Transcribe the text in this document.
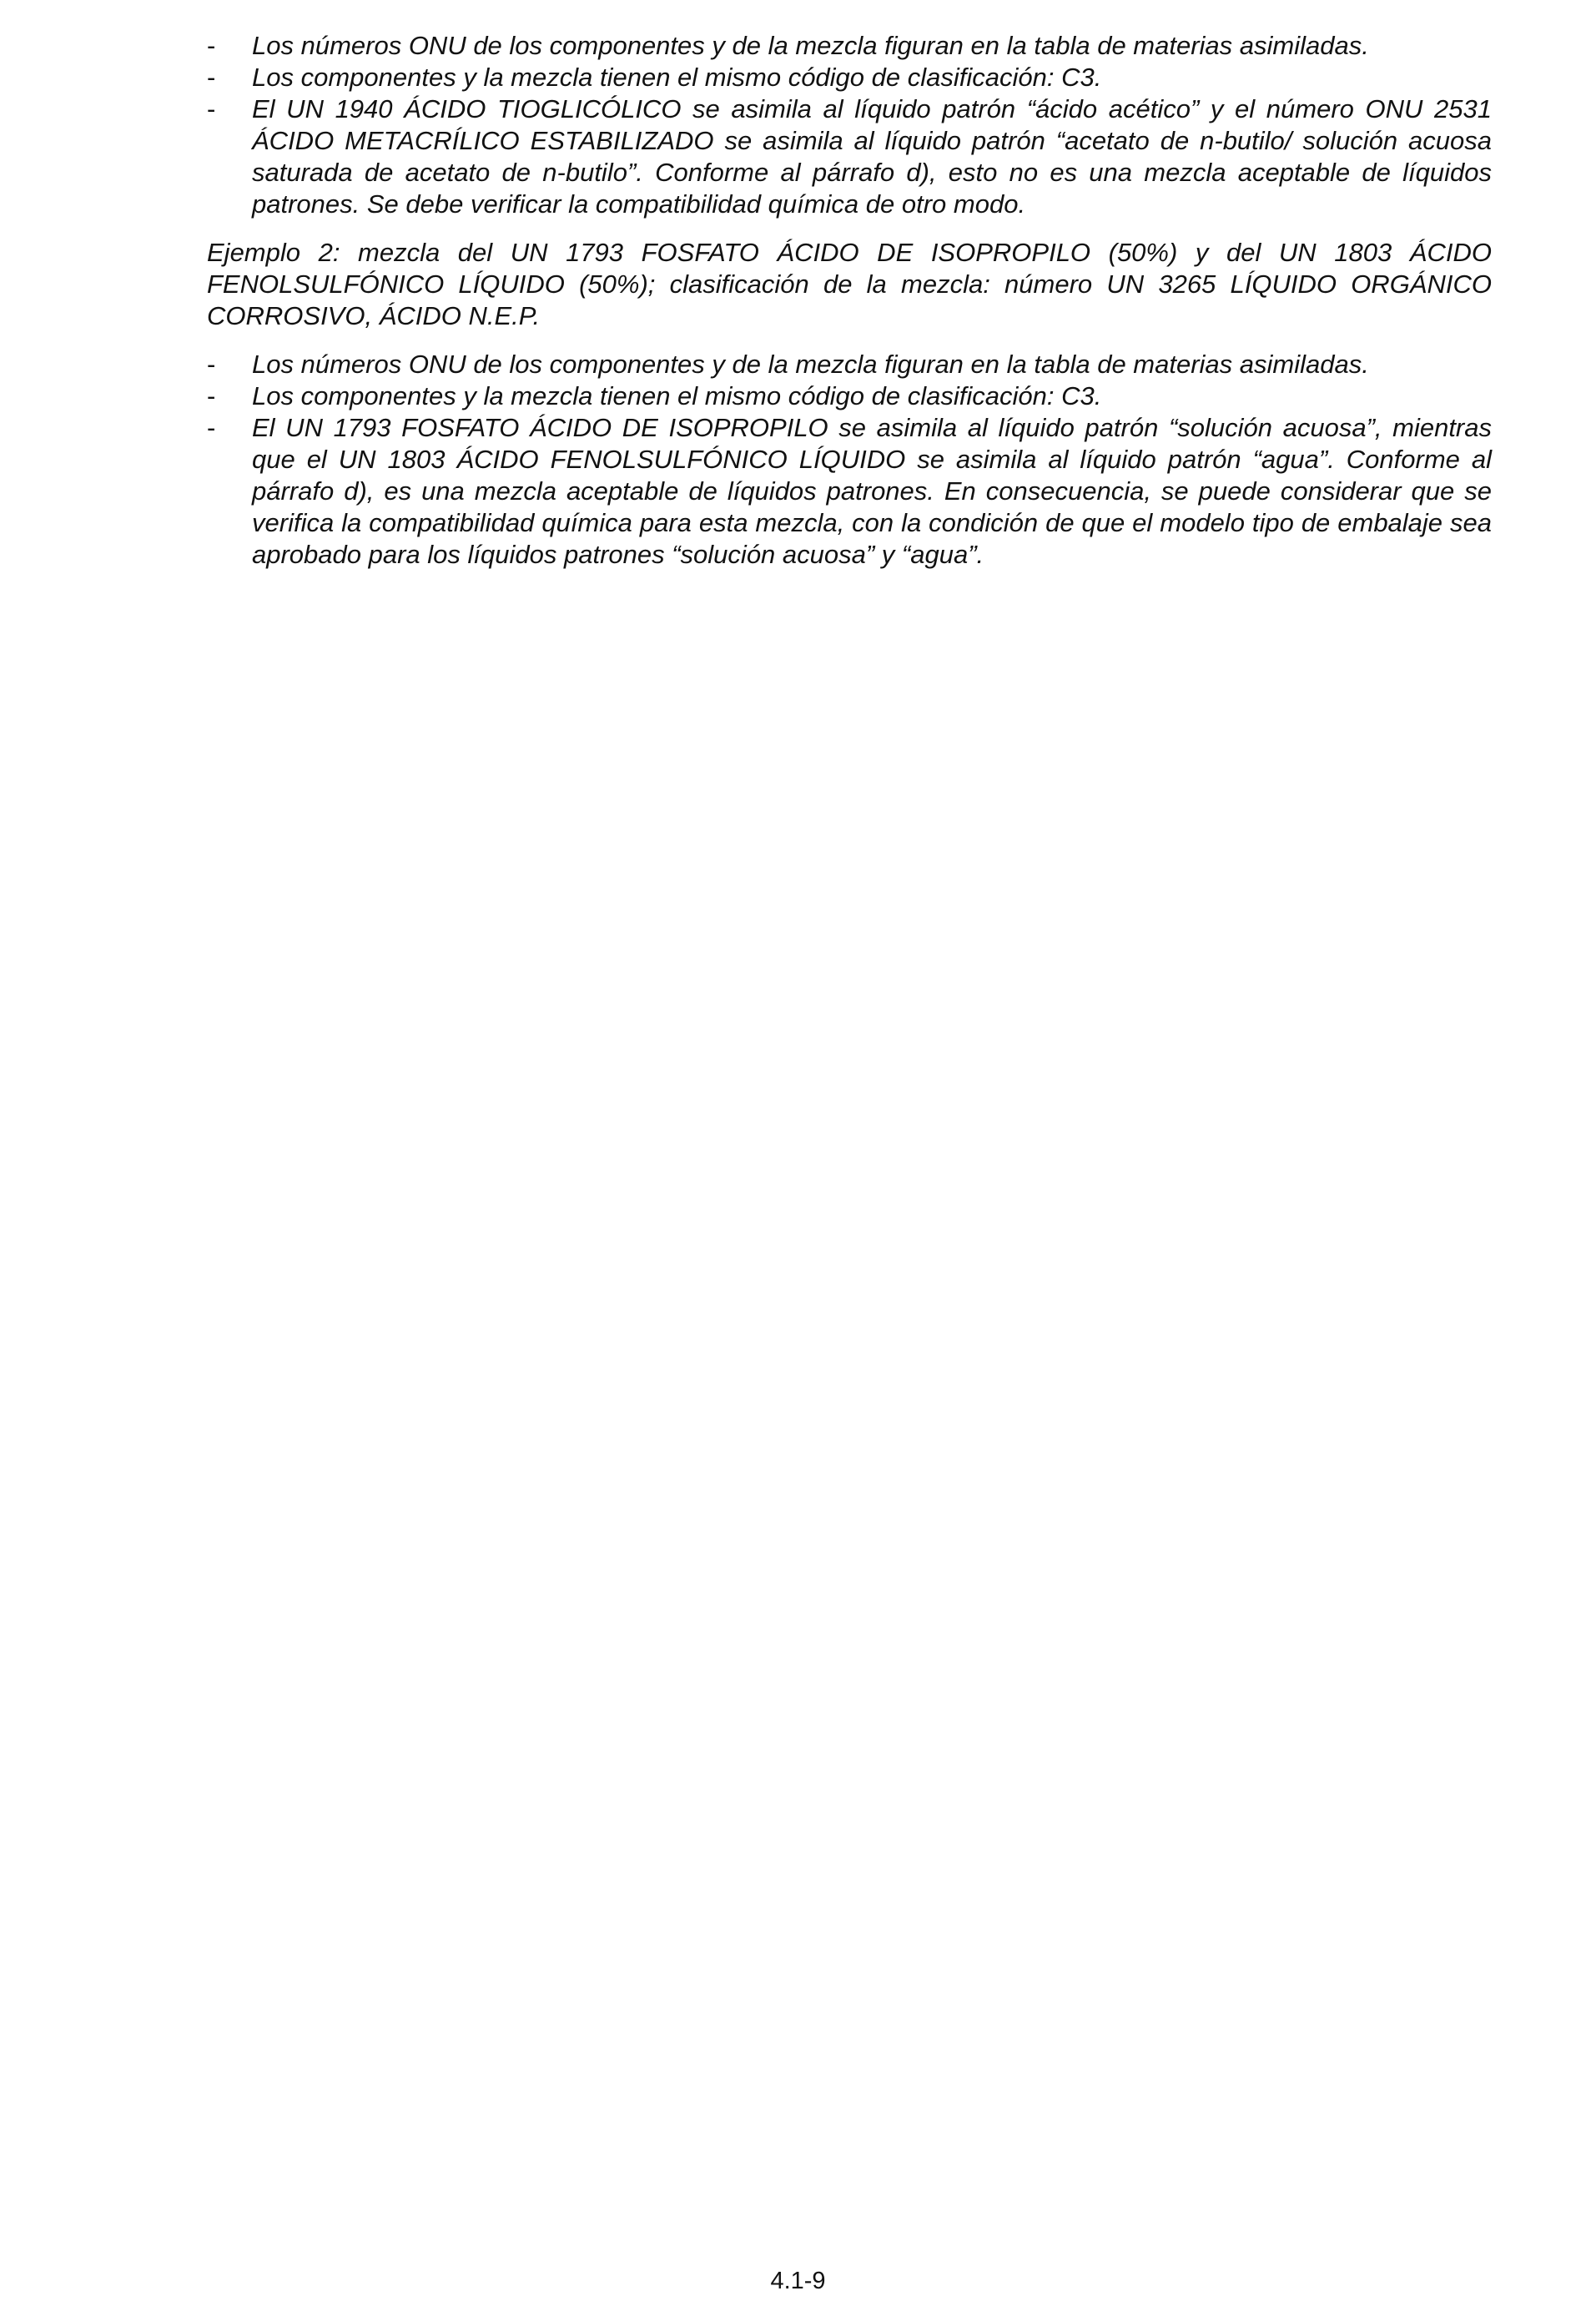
- Los números ONU de los componentes y de la mezcla figuran en la tabla de materias asimiladas.
- Los componentes y la mezcla tienen el mismo código de clasificación: C3.
- El UN 1940 ÁCIDO TIOGLICÓLICO se asimila al líquido patrón “ácido acético” y el número ONU 2531 ÁCIDO METACRÍLICO ESTABILIZADO se asimila al líquido patrón “acetato de n-butilo/ solución acuosa saturada de acetato de n-butilo”. Conforme al párrafo d), esto no es una mezcla aceptable de líquidos patrones. Se debe verificar la compatibilidad química de otro modo.

Ejemplo 2: mezcla del UN 1793 FOSFATO ÁCIDO DE ISOPROPILO (50%) y del UN 1803 ÁCIDO FENOLSULFÓNICO LÍQUIDO (50%); clasificación de la mezcla: número UN 3265 LÍQUIDO ORGÁNICO CORROSIVO, ÁCIDO N.E.P.

- Los números ONU de los componentes y de la mezcla figuran en la tabla de materias asimiladas.
- Los componentes y la mezcla tienen el mismo código de clasificación: C3.
- El UN 1793 FOSFATO ÁCIDO DE ISOPROPILO se asimila al líquido patrón “solución acuosa”, mientras que el UN 1803 ÁCIDO FENOLSULFÓNICO LÍQUIDO se asimila al líquido patrón “agua”. Conforme al párrafo d), es una mezcla aceptable de líquidos patrones. En consecuencia, se puede considerar que se verifica la compatibilidad química para esta mezcla, con la condición de que el modelo tipo de embalaje sea aprobado para los líquidos patrones “solución acuosa” y “agua”.
4.1-9
